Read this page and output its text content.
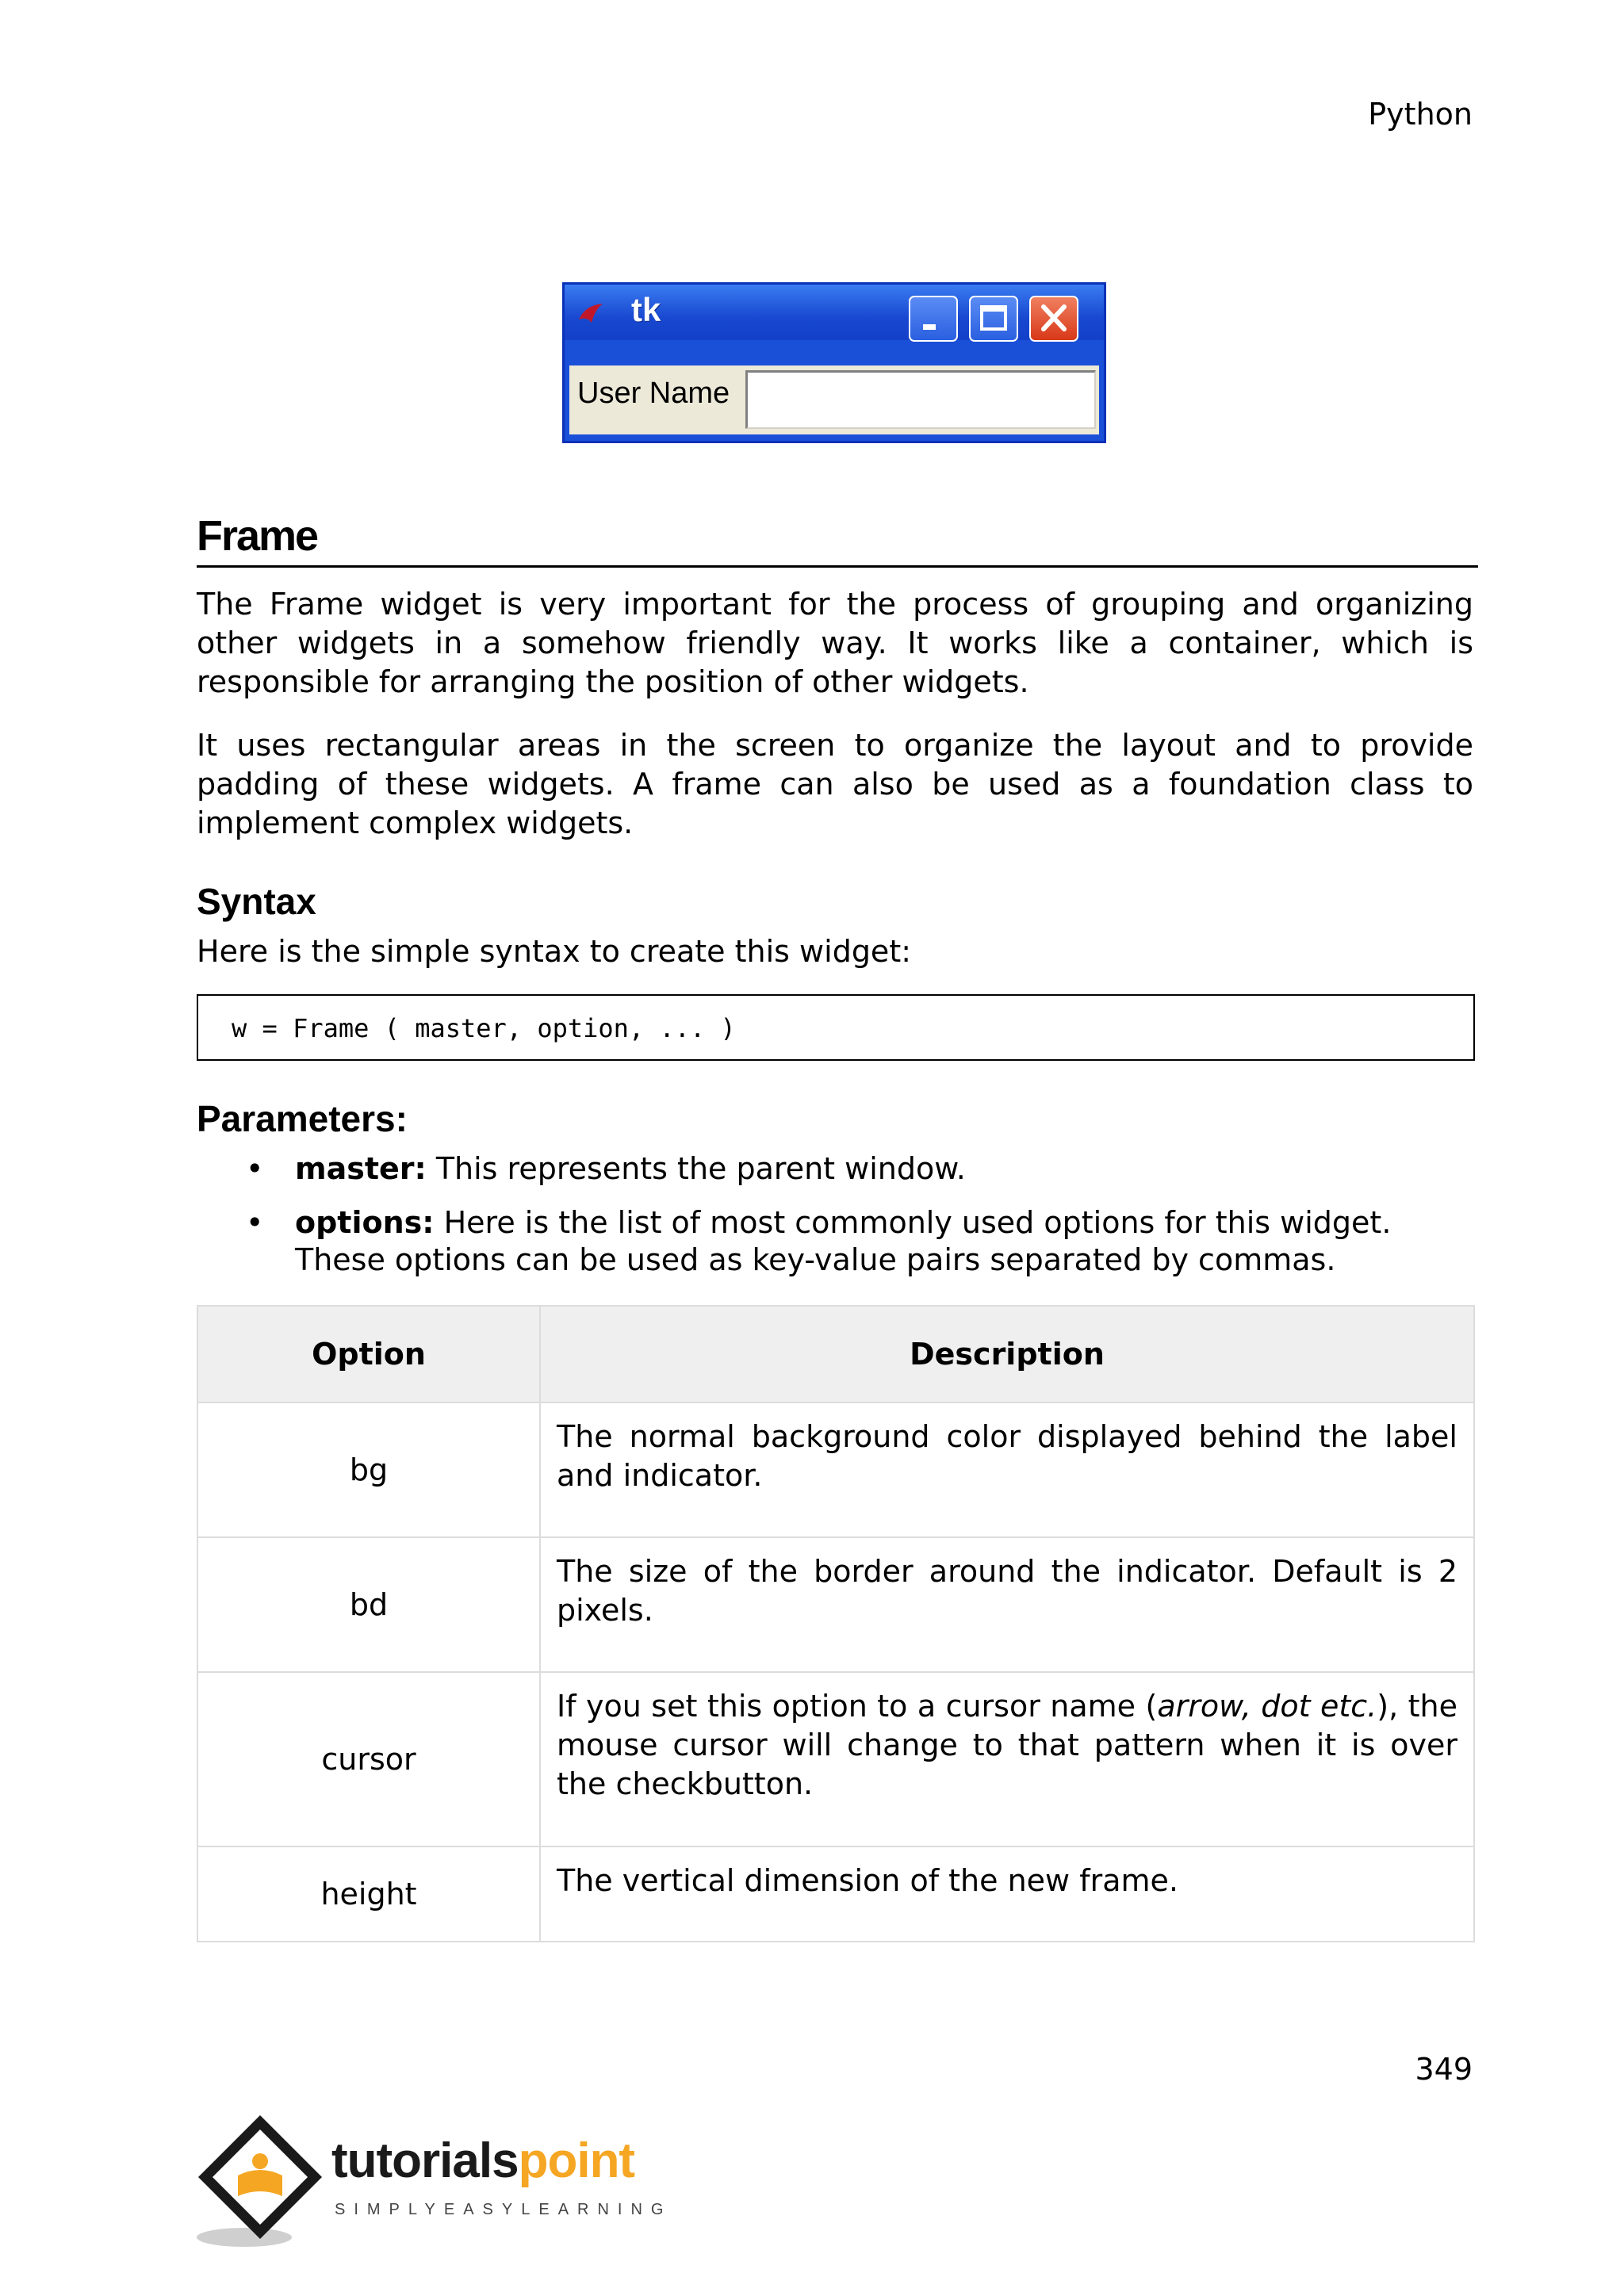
Python
tk
User Name
Frame

The Frame widget is very important for the process of grouping and organizing other widgets in a somehow friendly way. It works like a container, which is responsible for arranging the position of other widgets.

It uses rectangular areas in the screen to organize the layout and to provide padding of these widgets. A frame can also be used as a foundation class to implement complex widgets.

Syntax

Here is the simple syntax to create this widget:

w = Frame ( master, option, ... )
Parameters:
• master: This represents the parent window.
• options: Here is the list of most commonly used options for this widget. These options can be used as key-value pairs separated by commas.
Option	Description
bg	The normal background color displayed behind the label and indicator.
bd	The size of the border around the indicator. Default is 2 pixels.
cursor	If you set this option to a cursor name (arrow, dot etc.), the mouse cursor will change to that pattern when it is over the checkbutton.
height	The vertical dimension of the new frame.
349
tutorialspoint
SIMPLYEASYLEARNING
